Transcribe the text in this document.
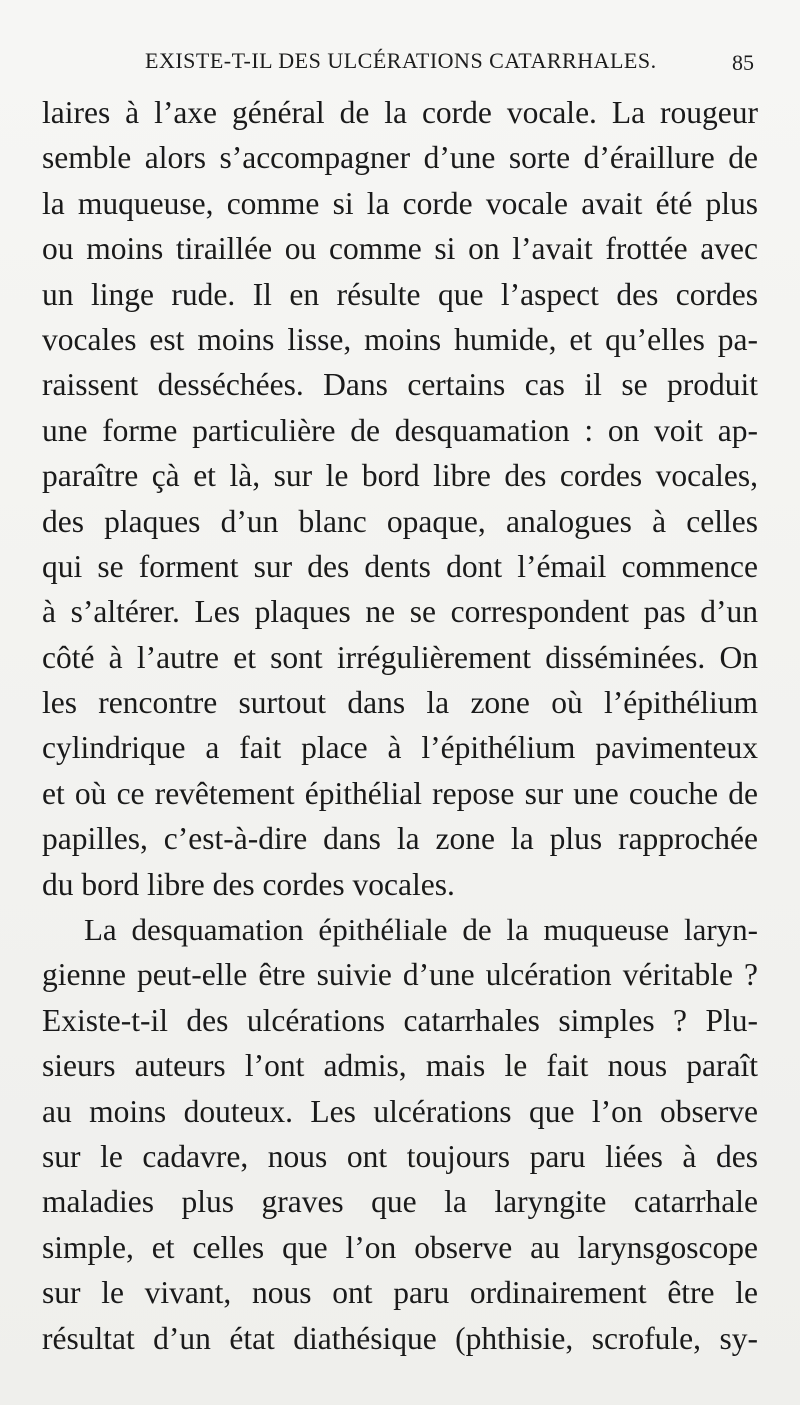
EXISTE-T-IL DES ULCÉRATIONS CATARRHALES.	85
laires à l’axe général de la corde vocale. La rougeur
semble alors s’accompagner d’une sorte d’éraillure de
la muqueuse, comme si la corde vocale avait été plus
ou moins tiraillée ou comme si on l’avait frottée avec
un linge rude. Il en résulte que l’aspect des cordes
vocales est moins lisse, moins humide, et qu’elles pa-
raissent desséchées. Dans certains cas il se produit
une forme particulière de desquamation : on voit ap-
paraître çà et là, sur le bord libre des cordes vocales,
des plaques d’un blanc opaque, analogues à celles
qui se forment sur des dents dont l’émail commence
à s’altérer. Les plaques ne se correspondent pas d’un
côté à l’autre et sont irrégulièrement disséminées. On
les rencontre surtout dans la zone où l’épithélium
cylindrique a fait place à l’épithélium pavimenteux
et où ce revêtement épithélial repose sur une couche de
papilles, c’est-à-dire dans la zone la plus rapprochée
du bord libre des cordes vocales.
La desquamation épithéliale de la muqueuse laryn-
gienne peut-elle être suivie d’une ulcération véritable ?
Existe-t-il des ulcérations catarrhales simples ? Plu-
sieurs auteurs l’ont admis, mais le fait nous paraît
au moins douteux. Les ulcérations que l’on observe
sur le cadavre, nous ont toujours paru liées à des
maladies plus graves que la laryngite catarrhale
simple, et celles que l’on observe au larynsgoscope
sur le vivant, nous ont paru ordinairement être le
résultat d’un état diathésique (phthisie, scrofule, sy-
